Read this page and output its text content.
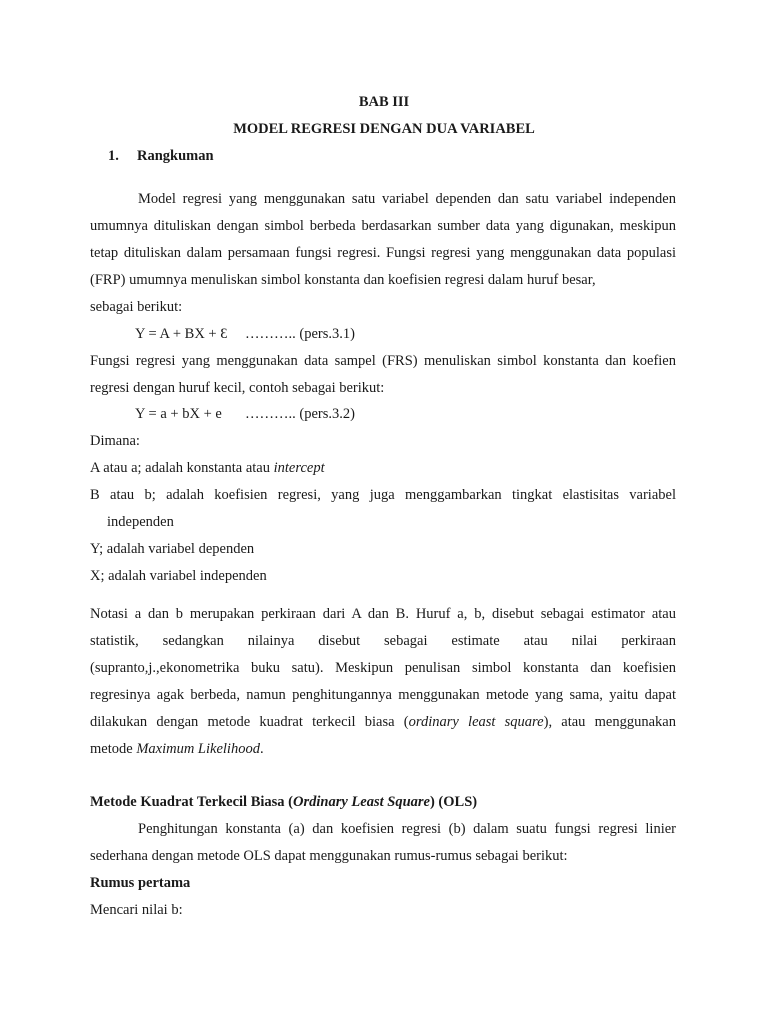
BAB III
MODEL REGRESI DENGAN DUA VARIABEL
1. Rangkuman
Model regresi yang menggunakan satu variabel dependen dan satu variabel independen
umumnya dituliskan dengan simbol berbeda berdasarkan sumber data yang digunakan, meskipun
tetap dituliskan dalam persamaan fungsi regresi. Fungsi regresi yang menggunakan data populasi
(FRP) umumnya menuliskan simbol konstanta dan koefisien regresi dalam huruf besar,
sebagai berikut:
Y = A + BX + Ɛ ……….. (pers.3.1)
Fungsi regresi yang menggunakan data sampel (FRS) menuliskan simbol konstanta dan koefien
regresi dengan huruf kecil, contoh sebagai berikut:
Y = a + bX + e ……….. (pers.3.2)
Dimana:
A atau a; adalah konstanta atau intercept
B atau b; adalah koefisien regresi, yang juga menggambarkan tingkat elastisitas variabel
independen
Y; adalah variabel dependen
X; adalah variabel independen
Notasi a dan b merupakan perkiraan dari A dan B. Huruf a, b, disebut sebagai estimator atau
statistik, sedangkan nilainya disebut sebagai estimate atau nilai perkiraan
(supranto,j.,ekonometrika buku satu). Meskipun penulisan simbol konstanta dan koefisien
regresinya agak berbeda, namun penghitungannya menggunakan metode yang sama, yaitu dapat
dilakukan dengan metode kuadrat terkecil biasa (ordinary least square), atau menggunakan
metode Maximum Likelihood.
Metode Kuadrat Terkecil Biasa (Ordinary Least Square) (OLS)
Penghitungan konstanta (a) dan koefisien regresi (b) dalam suatu fungsi regresi linier
sederhana dengan metode OLS dapat menggunakan rumus-rumus sebagai berikut:
Rumus pertama
Mencari nilai b:
